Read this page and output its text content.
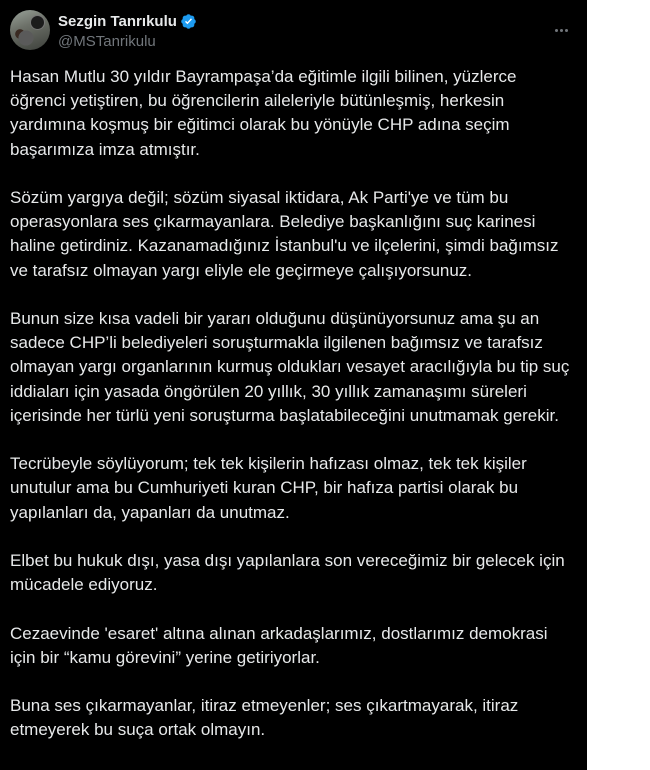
Sezgin Tanrıkulu
@MSTanrikulu

Hasan Mutlu 30 yıldır Bayrampaşa’da eğitimle ilgili bilinen, yüzlerce öğrenci yetiştiren, bu öğrencilerin aileleriyle bütünleşmiş, herkesin yardımına koşmuş bir eğitimci olarak bu yönüyle CHP adına seçim başarımıza imza atmıştır.

Sözüm yargıya değil; sözüm siyasal iktidara, Ak Parti'ye ve tüm bu operasyonlara ses çıkarmayanlara. Belediye başkanlığını suç karinesi haline getirdiniz. Kazanamadığınız İstanbul'u ve ilçelerini, şimdi bağımsız ve tarafsız olmayan yargı eliyle ele geçirmeye çalışıyorsunuz.

Bunun size kısa vadeli bir yararı olduğunu düşünüyorsunuz ama şu an sadece CHP’li belediyeleri soruşturmakla ilgilenen bağımsız ve tarafsız olmayan yargı organlarının kurmuş oldukları vesayet aracılığıyla bu tip suç iddiaları için yasada öngörülen 20 yıllık, 30 yıllık zamanaşımı süreleri içerisinde her türlü yeni soruşturma başlatabileceğini unutmamak gerekir.

Tecrübeyle söylüyorum; tek tek kişilerin hafızası olmaz, tek tek kişiler unutulur ama bu Cumhuriyeti kuran CHP, bir hafıza partisi olarak bu yapılanları da, yapanları da unutmaz.

Elbet bu hukuk dışı, yasa dışı yapılanlara son vereceğimiz bir gelecek için mücadele ediyoruz.

Cezaevinde 'esaret' altına alınan arkadaşlarımız, dostlarımız demokrasi için bir “kamu görevini” yerine getiriyorlar.

Buna ses çıkarmayanlar, itiraz etmeyenler; ses çıkartmayarak, itiraz etmeyerek bu suça ortak olmayın.
